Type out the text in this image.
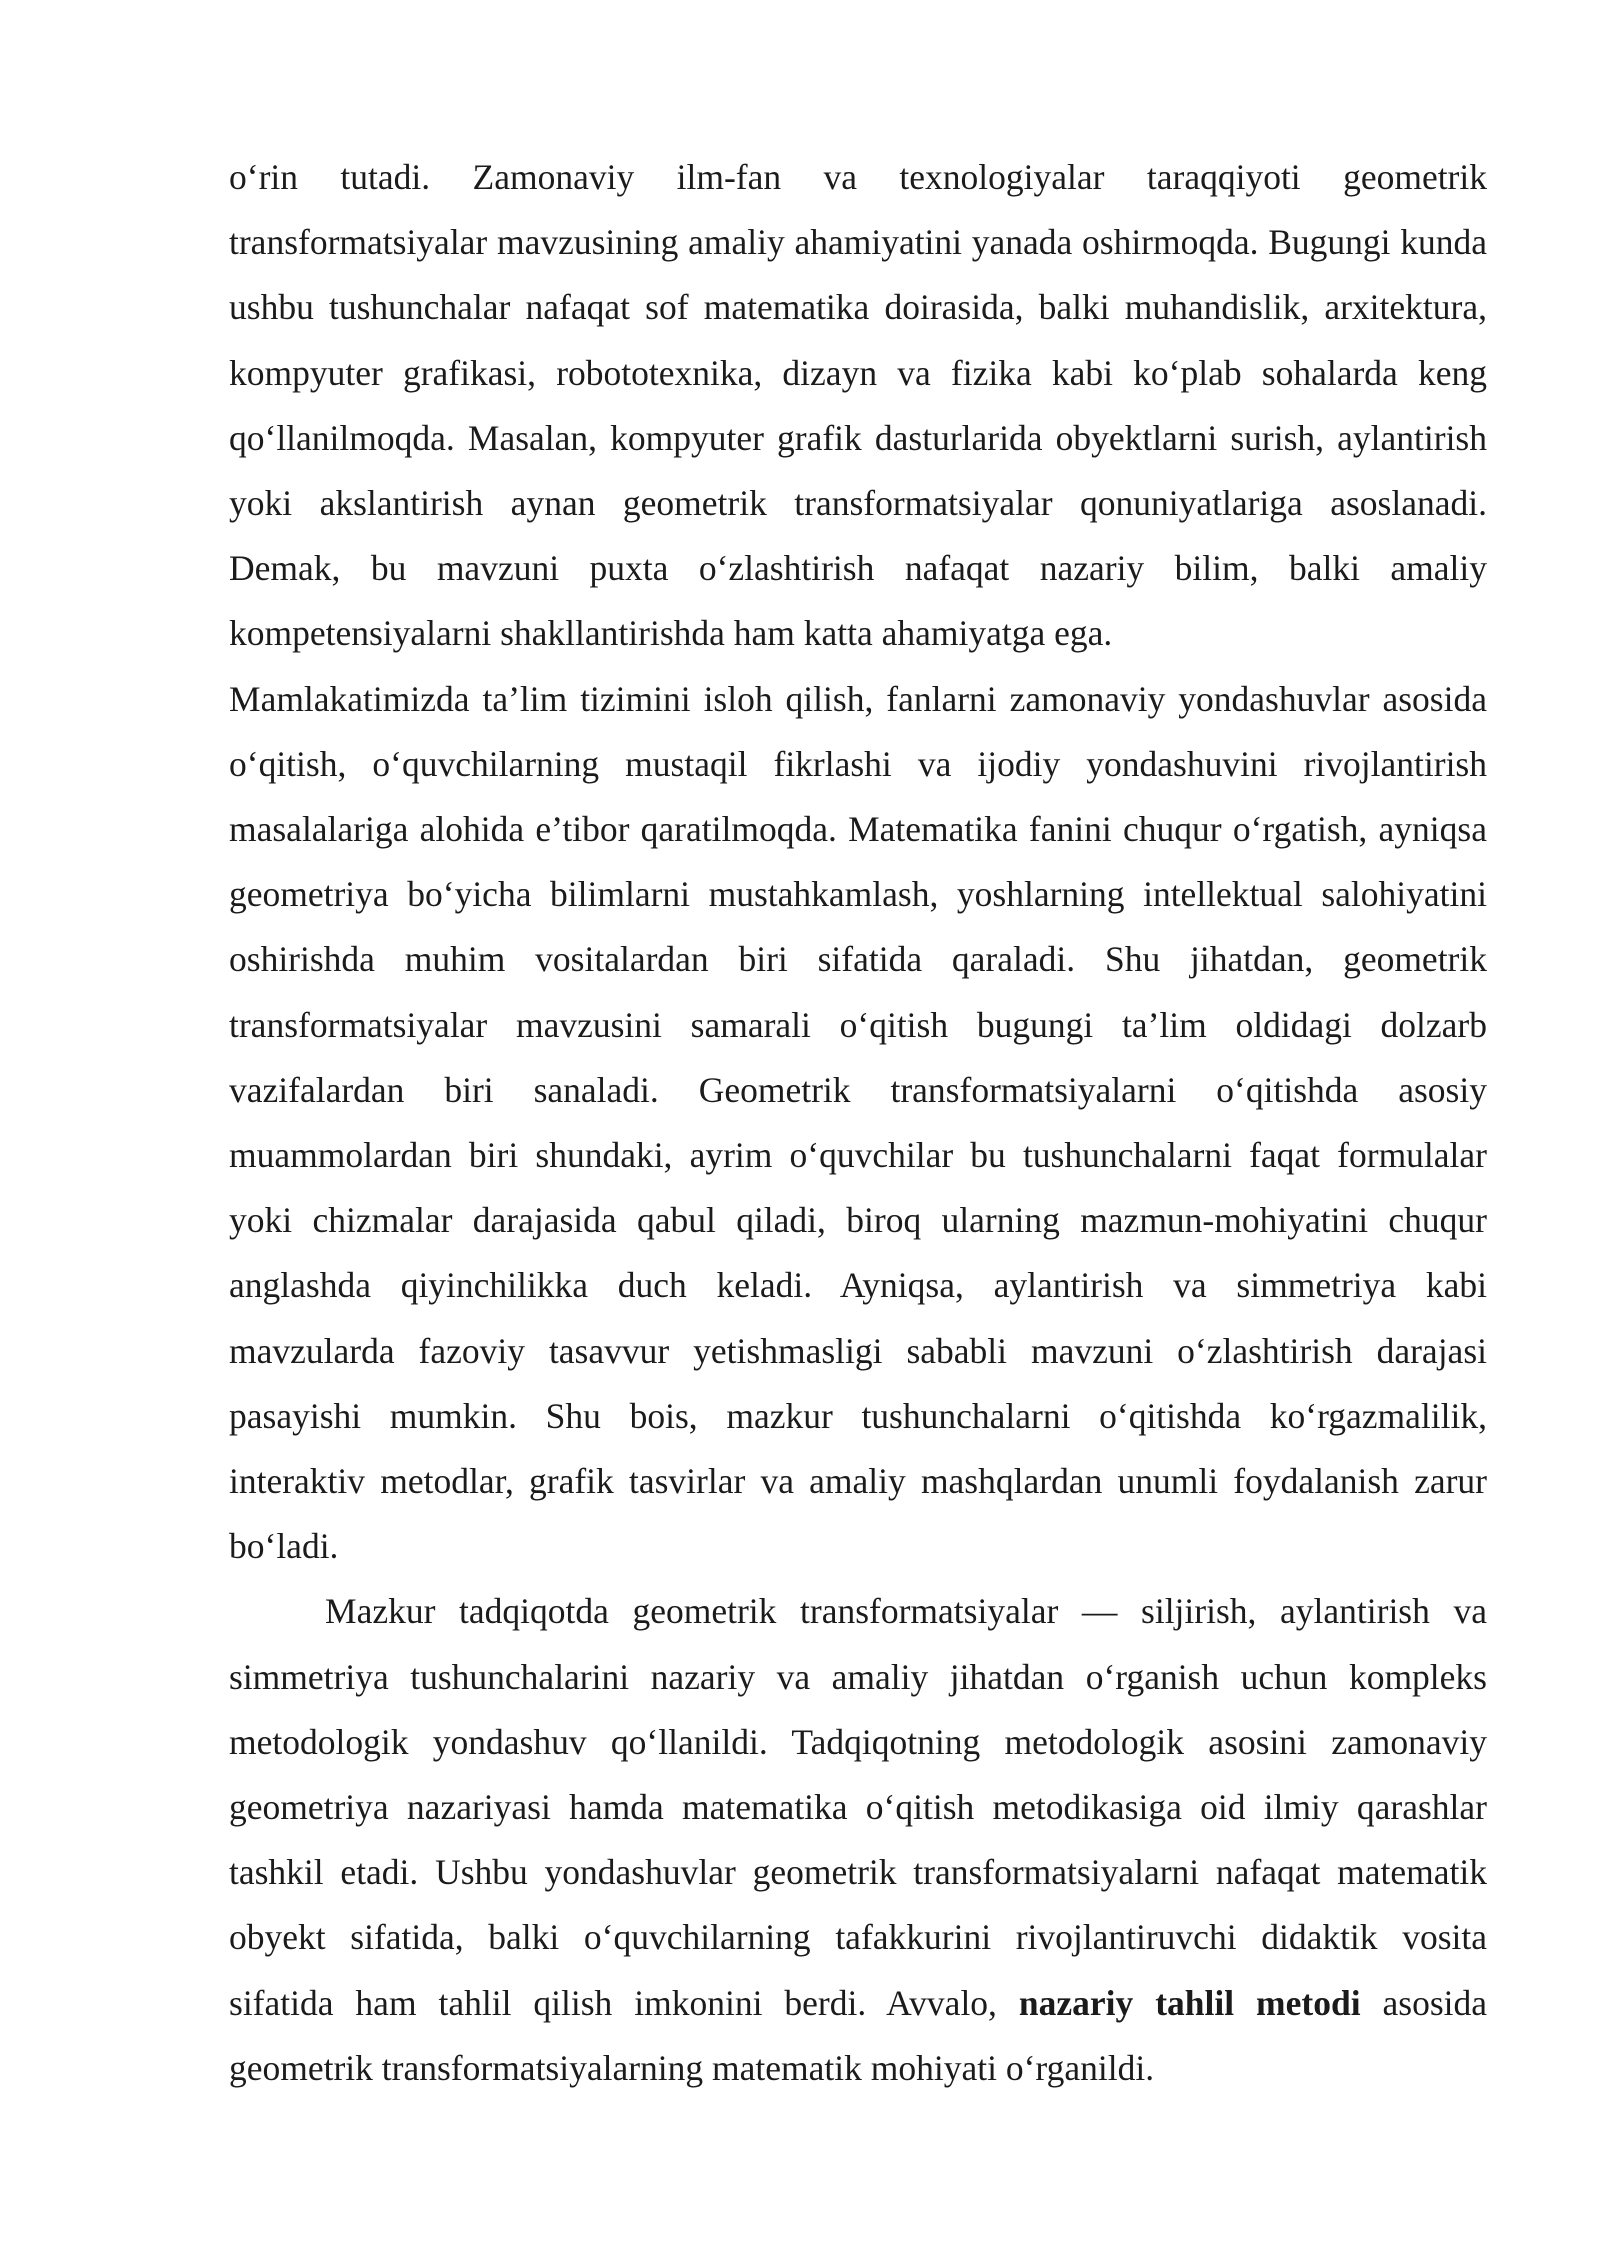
o‘rin tutadi. Zamonaviy ilm-fan va texnologiyalar taraqqiyoti geometrik transformatsiyalar mavzusining amaliy ahamiyatini yanada oshirmoqda. Bugungi kunda ushbu tushunchalar nafaqat sof matematika doirasida, balki muhandislik, arxitektura, kompyuter grafikasi, robototexnika, dizayn va fizika kabi ko‘plab sohalarda keng qo‘llanilmoqda. Masalan, kompyuter grafik dasturlarida obyektlarni surish, aylantirish yoki akslantirish aynan geometrik transformatsiyalar qonuniyatlariga asoslanadi. Demak, bu mavzuni puxta o‘zlashtirish nafaqat nazariy bilim, balki amaliy kompetensiyalarni shakllantirishda ham katta ahamiyatga ega.

Mamlakatimizda ta’lim tizimini isloh qilish, fanlarni zamonaviy yondashuvlar asosida o‘qitish, o‘quvchilarning mustaqil fikrlashi va ijodiy yondashuvini rivojlantirish masalalariga alohida e’tibor qaratilmoqda. Matematika fanini chuqur o‘rgatish, ayniqsa geometriya bo‘yicha bilimlarni mustahkamlash, yoshlarning intellektual salohiyatini oshirishda muhim vositalardan biri sifatida qaraladi. Shu jihatdan, geometrik transformatsiyalar mavzusini samarali o‘qitish bugungi ta’lim oldidagi dolzarb vazifalardan biri sanaladi. Geometrik transformatsiyalarni o‘qitishda asosiy muammolardan biri shundaki, ayrim o‘quvchilar bu tushunchalarni faqat formulalar yoki chizmalar darajasida qabul qiladi, biroq ularning mazmun-mohiyatini chuqur anglashda qiyinchilikka duch keladi. Ayniqsa, aylantirish va simmetriya kabi mavzularda fazoviy tasavvur yetishmasligi sababli mavzuni o‘zlashtirish darajasi pasayishi mumkin. Shu bois, mazkur tushunchalarni o‘qitishda ko‘rgazmalilik, interaktiv metodlar, grafik tasvirlar va amaliy mashqlardan unumli foydalanish zarur bo‘ladi.

Mazkur tadqiqotda geometrik transformatsiyalar — siljirish, aylantirish va simmetriya tushunchalarini nazariy va amaliy jihatdan o‘rganish uchun kompleks metodologik yondashuv qo‘llanildi. Tadqiqotning metodologik asosini zamonaviy geometriya nazariyasi hamda matematika o‘qitish metodikasiga oid ilmiy qarashlar tashkil etadi. Ushbu yondashuvlar geometrik transformatsiyalarni nafaqat matematik obyekt sifatida, balki o‘quvchilarning tafakkurini rivojlantiruvchi didaktik vosita sifatida ham tahlil qilish imkonini berdi. Avvalo, nazariy tahlil metodi asosida geometrik transformatsiyalarning matematik mohiyati o‘rganildi.
